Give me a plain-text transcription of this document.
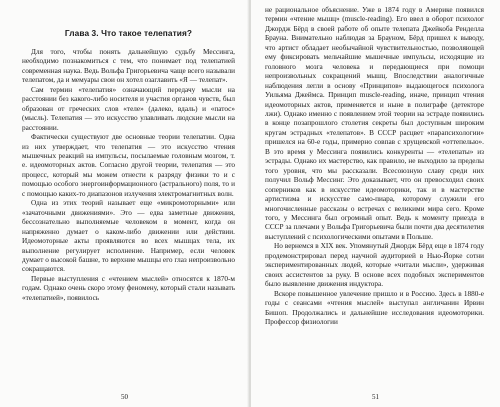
Глава 3. Что такое телепатия?

Для того, чтобы понять дальнейшую судьбу Мессинга, необходимо познакомиться с тем, что понимает под телепатией современная наука. Ведь Вольфа Григорьевича чаще всего называли телепатом, да и мемуары свои он хотел озаглавить «Я — телепат».

Сам термин «телепатия» означающий передачу мысли на расстоянии без какого-либо носителя и участия органов чувств, был образован от греческих слов «теле» (далеко, вдаль) и «патос» (мысль). Телепатия — это искусство улавливать людские мысли на расстоянии.

Фактически существуют две основные теории телепатии. Одна из них утверждает, что телепатия — это искусство чтения мышечных реакций на импульсы, посылаемые головным мозгом, т. е. идеомоторных актов. Согласно другой теории, телепатия — это процесс, который мы можем отнести к разряду физики то и с помощью особого энергоинформационного (астрального) поля, то и с помощью каких-то диапазонов излучения электромагнитных волн.

Одна из этих теорий называет еще «микромоторными» или «зачаточными движениями». Это — едва заметные движения, бессознательно выполняемые человеком в момент, когда он напряженно думает о каком-либо движении или действии. Идеомоторные акты проявляются во всех мышцах тела, их выполнение регулирует исполнение. Например, если человек думает о высокой башне, то верхние мышцы его глаз непроизвольно сокращаются.

Первые выступления с «чтением мыслей» относятся к 1870-м годам. Однако очень скоро этому феномену, который стали называть «телепатией», появилось

50

не рациональное объяснение. Уже в 1874 году в Америке появился термин «чтение мышц» (muscle-reading). Его ввел в оборот психолог Джордж Бёрд в своей работе об опыте телепата Джейкоба Ренделла Брауна. Внимательно наблюдая за Брауном, Бёрд пришел к выводу, что артист обладает необычайной чувствительностью, позволяющей ему фиксировать мельчайшие мышечные импульсы, исходящие из головного мозга человека и передающиеся при помощи непроизвольных сокращений мышц. Впоследствии аналогичные наблюдения легли в основу «Принципов» выдающегося психолога Уильяма Джеймса. Принцип muscle-reading, иначе, принцип чтения идеомоторных актов, применяется и ныне в полиграфе (детекторе лжи). Однако именно с появлением этой теории на эстраде появились в конце позапрошлого столетия секреты был доступным широким кругам эстрадных «телепатов». В СССР расцвет «парапсихологии» пришелся на 60-е годы, примерно совпав с хрущевской «оттепелью». В это время у Мессинга появились конкуренты — «телепаты» из эстрады. Однако их мастерство, как правило, не выходило за пределы того уровня, что мы рассказали. Всесоюзную славу среди них получил Вольф Мессинг. Это доказывает, что он превосходил своих соперников как в искусстве идеомоторики, так и в мастерстве артистизма и искусстве само-пиара, которому служили его многочисленные рассказы о встречах с великими мира сего. Кроме того, у Мессинга был огромный опыт. Ведь к моменту приезда в СССР за плечами у Вольфа Григорьевича были почти два десятилетия выступлений с психологическими опытами в Польше.

Но вернемся в XIX век. Упомянутый Джордж Бёрд еще в 1874 году продемонстрировал перед научной аудиторией в Нью-Йорке сотни экспериментированных людей, которые «читали мысли», удерживая своих ассистентов за руку. В основе всех подобных экспериментов было выявление движения индуктора.

Вскоре повышенное увлечение пришло и в Россию. Здесь в 1880-е годы с сеансами «чтения мыслей» выступал англичанин Ирвин Бишоп. Продолжались и дальнейшие исследования идеомоторики. Профессор физиологии

51
